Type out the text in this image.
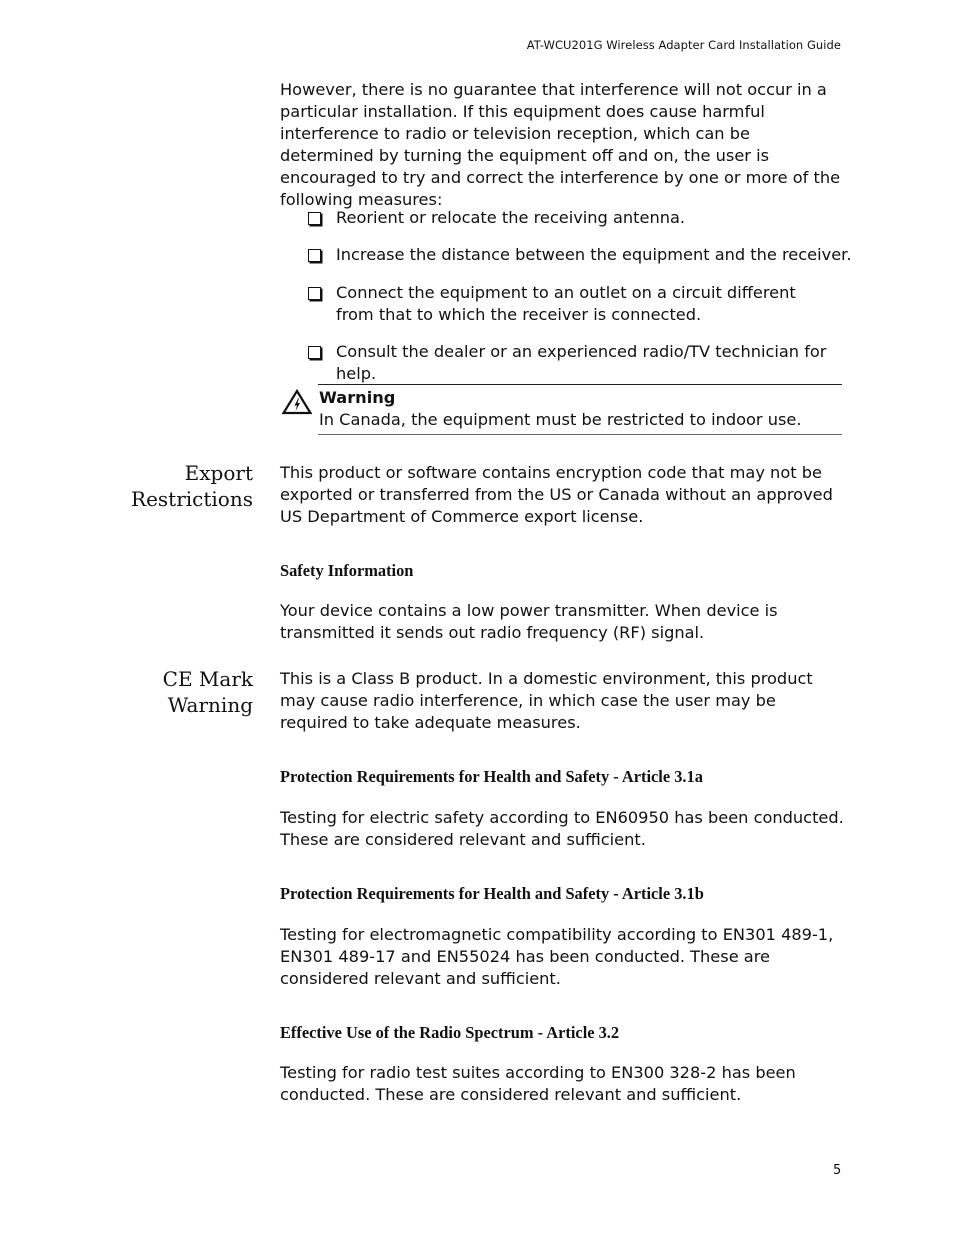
AT-WCU201G Wireless Adapter Card Installation Guide
However, there is no guarantee that interference will not occur in a particular installation. If this equipment does cause harmful interference to radio or television reception, which can be determined by turning the equipment off and on, the user is encouraged to try and correct the interference by one or more of the following measures:
Reorient or relocate the receiving antenna.
Increase the distance between the equipment and the receiver.
Connect the equipment to an outlet on a circuit different from that to which the receiver is connected.
Consult the dealer or an experienced radio/TV technician for help.
Warning
In Canada, the equipment must be restricted to indoor use.
Export
Restrictions
This product or software contains encryption code that may not be exported or transferred from the US or Canada without an approved US Department of Commerce export license.
Safety Information
Your device contains a low power transmitter. When device is transmitted it sends out radio frequency (RF) signal.
CE Mark
Warning
This is a Class B product. In a domestic environment, this product may cause radio interference, in which case the user may be required to take adequate measures.
Protection Requirements for Health and Safety - Article 3.1a
Testing for electric safety according to EN60950 has been conducted. These are considered relevant and sufficient.
Protection Requirements for Health and Safety - Article 3.1b
Testing for electromagnetic compatibility according to EN301 489-1, EN301 489-17 and EN55024 has been conducted. These are considered relevant and sufficient.
Effective Use of the Radio Spectrum - Article 3.2
Testing for radio test suites according to EN300 328-2 has been conducted. These are considered relevant and sufficient.
5
